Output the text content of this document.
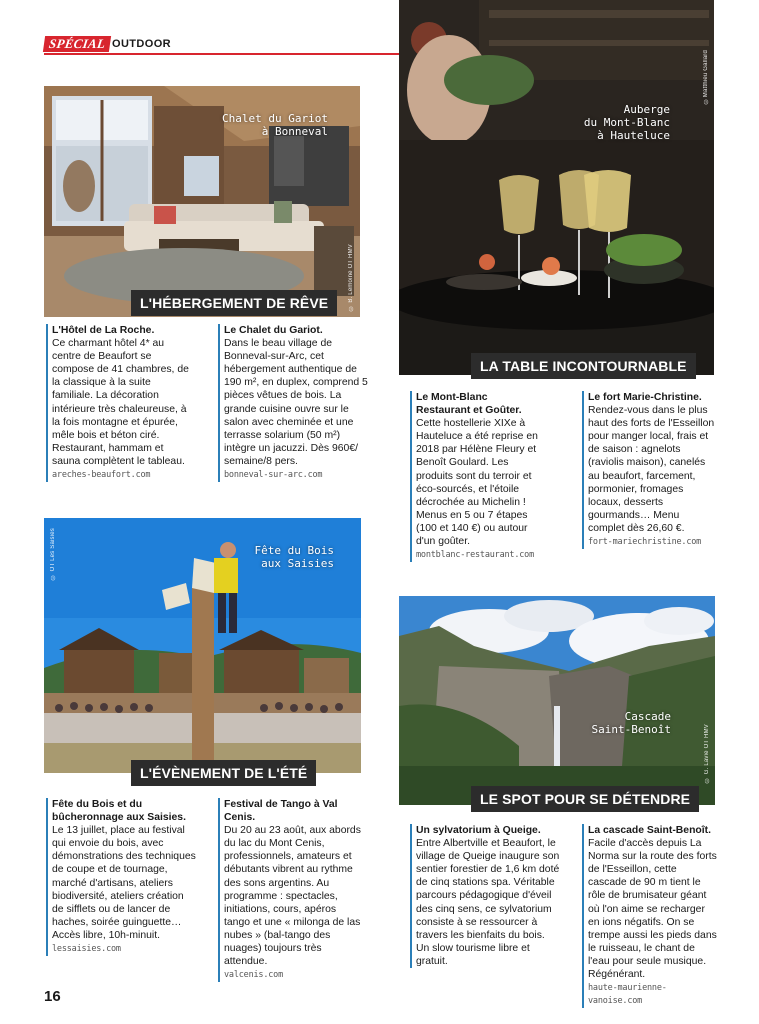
SPÉCIAL OUTDOOR
Chalet du Gariot
à Bonneval
© B. Lemoine OT HMV
L'HÉBERGEMENT DE RÊVE
Auberge
du Mont-Blanc
à Hauteluce
©Matthieu Gallard
LA TABLE INCONTOURNABLE
L'Hôtel de La Roche.
Ce charmant hôtel 4* au centre de Beaufort se compose de 41 chambres, de la classique à la suite familiale. La décoration intérieure très chaleureuse, à la fois montagne et épurée, mêle bois et béton ciré. Restaurant, hammam et sauna complètent le tableau.
areches-beaufort.com
Le Chalet du Gariot.
Dans le beau village de Bonneval-sur-Arc, cet hébergement authentique de 190 m², en duplex, comprend 5 pièces vêtues de bois. La grande cuisine ouvre sur le salon avec cheminée et une terrasse solarium (50 m²) intègre un jacuzzi. Dès 960€/ semaine/8 pers.
bonneval-sur-arc.com
Le Mont-Blanc Restaurant et Goûter.
Cette hostellerie XIXe à Hauteluce a été reprise en 2018 par Hélène Fleury et Benoît Goulard. Les produits sont du terroir et éco-sourcés, et l'étoile décrochée au Michelin ! Menus en 5 ou 7 étapes (100 et 140 €) ou autour d'un goûter.
montblanc-restaurant.com
Le fort Marie-Christine.
Rendez-vous dans le plus haut des forts de l'Esseillon pour manger local, frais et de saison : agnelots (raviolis maison), canelés au beaufort, farcement, pormonier, fromages locaux, desserts gourmands… Menu complet dès 26,60 €.
fort-mariechristine.com
Fête du Bois
aux Saisies
© OT Les Saisies
L'ÉVÈNEMENT DE L'ÉTÉ
Cascade
Saint-Benoît	© G. Lavie OT HMV
LE SPOT POUR SE DÉTENDRE
Fête du Bois et du bûcheronnage aux Saisies.
Le 13 juillet, place au festival qui envoie du bois, avec démonstrations des techniques de coupe et de tournage, marché d'artisans, ateliers biodiversité, ateliers création de sifflets ou de lancer de haches, soirée guinguette… Accès libre, 10h-minuit.
lessaisies.com
Festival de Tango à Val Cenis.
Du 20 au 23 août, aux abords du lac du Mont Cenis, professionnels, amateurs et débutants vibrent au rythme des sons argentins. Au programme : spectacles, initiations, cours, apéros tango et une « milonga de las nubes » (bal-tango des nuages) toujours très attendue.
valcenis.com
Un sylvatorium à Queige.
Entre Albertville et Beaufort, le village de Queige inaugure son sentier forestier de 1,6 km doté de cinq stations spa. Véritable parcours pédagogique d'éveil des cinq sens, ce sylvatorium consiste à se ressourcer à travers les bienfaits du bois. Un slow tourisme libre et gratuit.
La cascade Saint-Benoît.
Facile d'accès depuis La Norma sur la route des forts de l'Esseillon, cette cascade de 90 m tient le rôle de brumisateur géant où l'on aime se recharger en ions négatifs. On se trempe aussi les pieds dans le ruisseau, le chant de l'eau pour seule musique. Régénérant.
haute-maurienne-vanoise.com
16
